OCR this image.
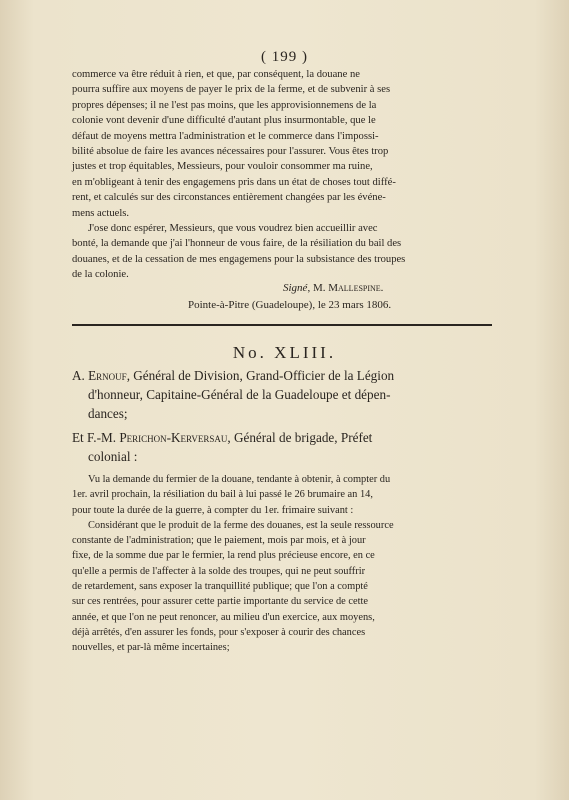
( 199 )

commerce va être réduit à rien, et que, par conséquent, la douane ne
pourra suffire aux moyens de payer le prix de la ferme, et de subvenir à ses
propres dépenses; il ne l'est pas moins, que les approvisionnemens de la
colonie vont devenir d'une difficulté d'autant plus insurmontable, que le
défaut de moyens mettra l'administration et le commerce dans l'impossi-
bilité absolue de faire les avances nécessaires pour l'assurer. Vous êtes trop
justes et trop équitables, Messieurs, pour vouloir consommer ma ruine,
en m'obligeant à tenir des engagemens pris dans un état de choses tout diffé-
rent, et calculés sur des circonstances entièrement changées par les événe-
mens actuels.

J'ose donc espérer, Messieurs, que vous voudrez bien accueillir avec
bonté, la demande que j'ai l'honneur de vous faire, de la résiliation du bail des
douanes, et de la cessation de mes engagemens pour la subsistance des troupes
de la colonie.

Signé, M. Mallespine.
Pointe-à-Pitre (Guadeloupe), le 23 mars 1806.
No. XLIII.
A. Ernouf, Général de Division, Grand-Officier de la Légion
d'honneur, Capitaine-Général de la Guadeloupe et dépen-
dances;
Et F.-M. Perichon-Kerversau, Général de brigade, Préfet
colonial :

Vu la demande du fermier de la douane, tendante à obtenir, à compter du
1er. avril prochain, la résiliation du bail à lui passé le 26 brumaire an 14,
pour toute la durée de la guerre, à compter du 1er. frimaire suivant :
Considérant que le produit de la ferme des douanes, est la seule ressource
constante de l'administration; que le paiement, mois par mois, et à jour
fixe, de la somme due par le fermier, la rend plus précieuse encore, en ce
qu'elle a permis de l'affecter à la solde des troupes, qui ne peut souffrir
de retardement, sans exposer la tranquillité publique; que l'on a compté
sur ces rentrées, pour assurer cette partie importante du service de cette
année, et que l'on ne peut renoncer, au milieu d'un exercice, aux moyens,
déjà arrêtés, d'en assurer les fonds, pour s'exposer à courir des chances
nouvelles, et par-là même incertaines;
